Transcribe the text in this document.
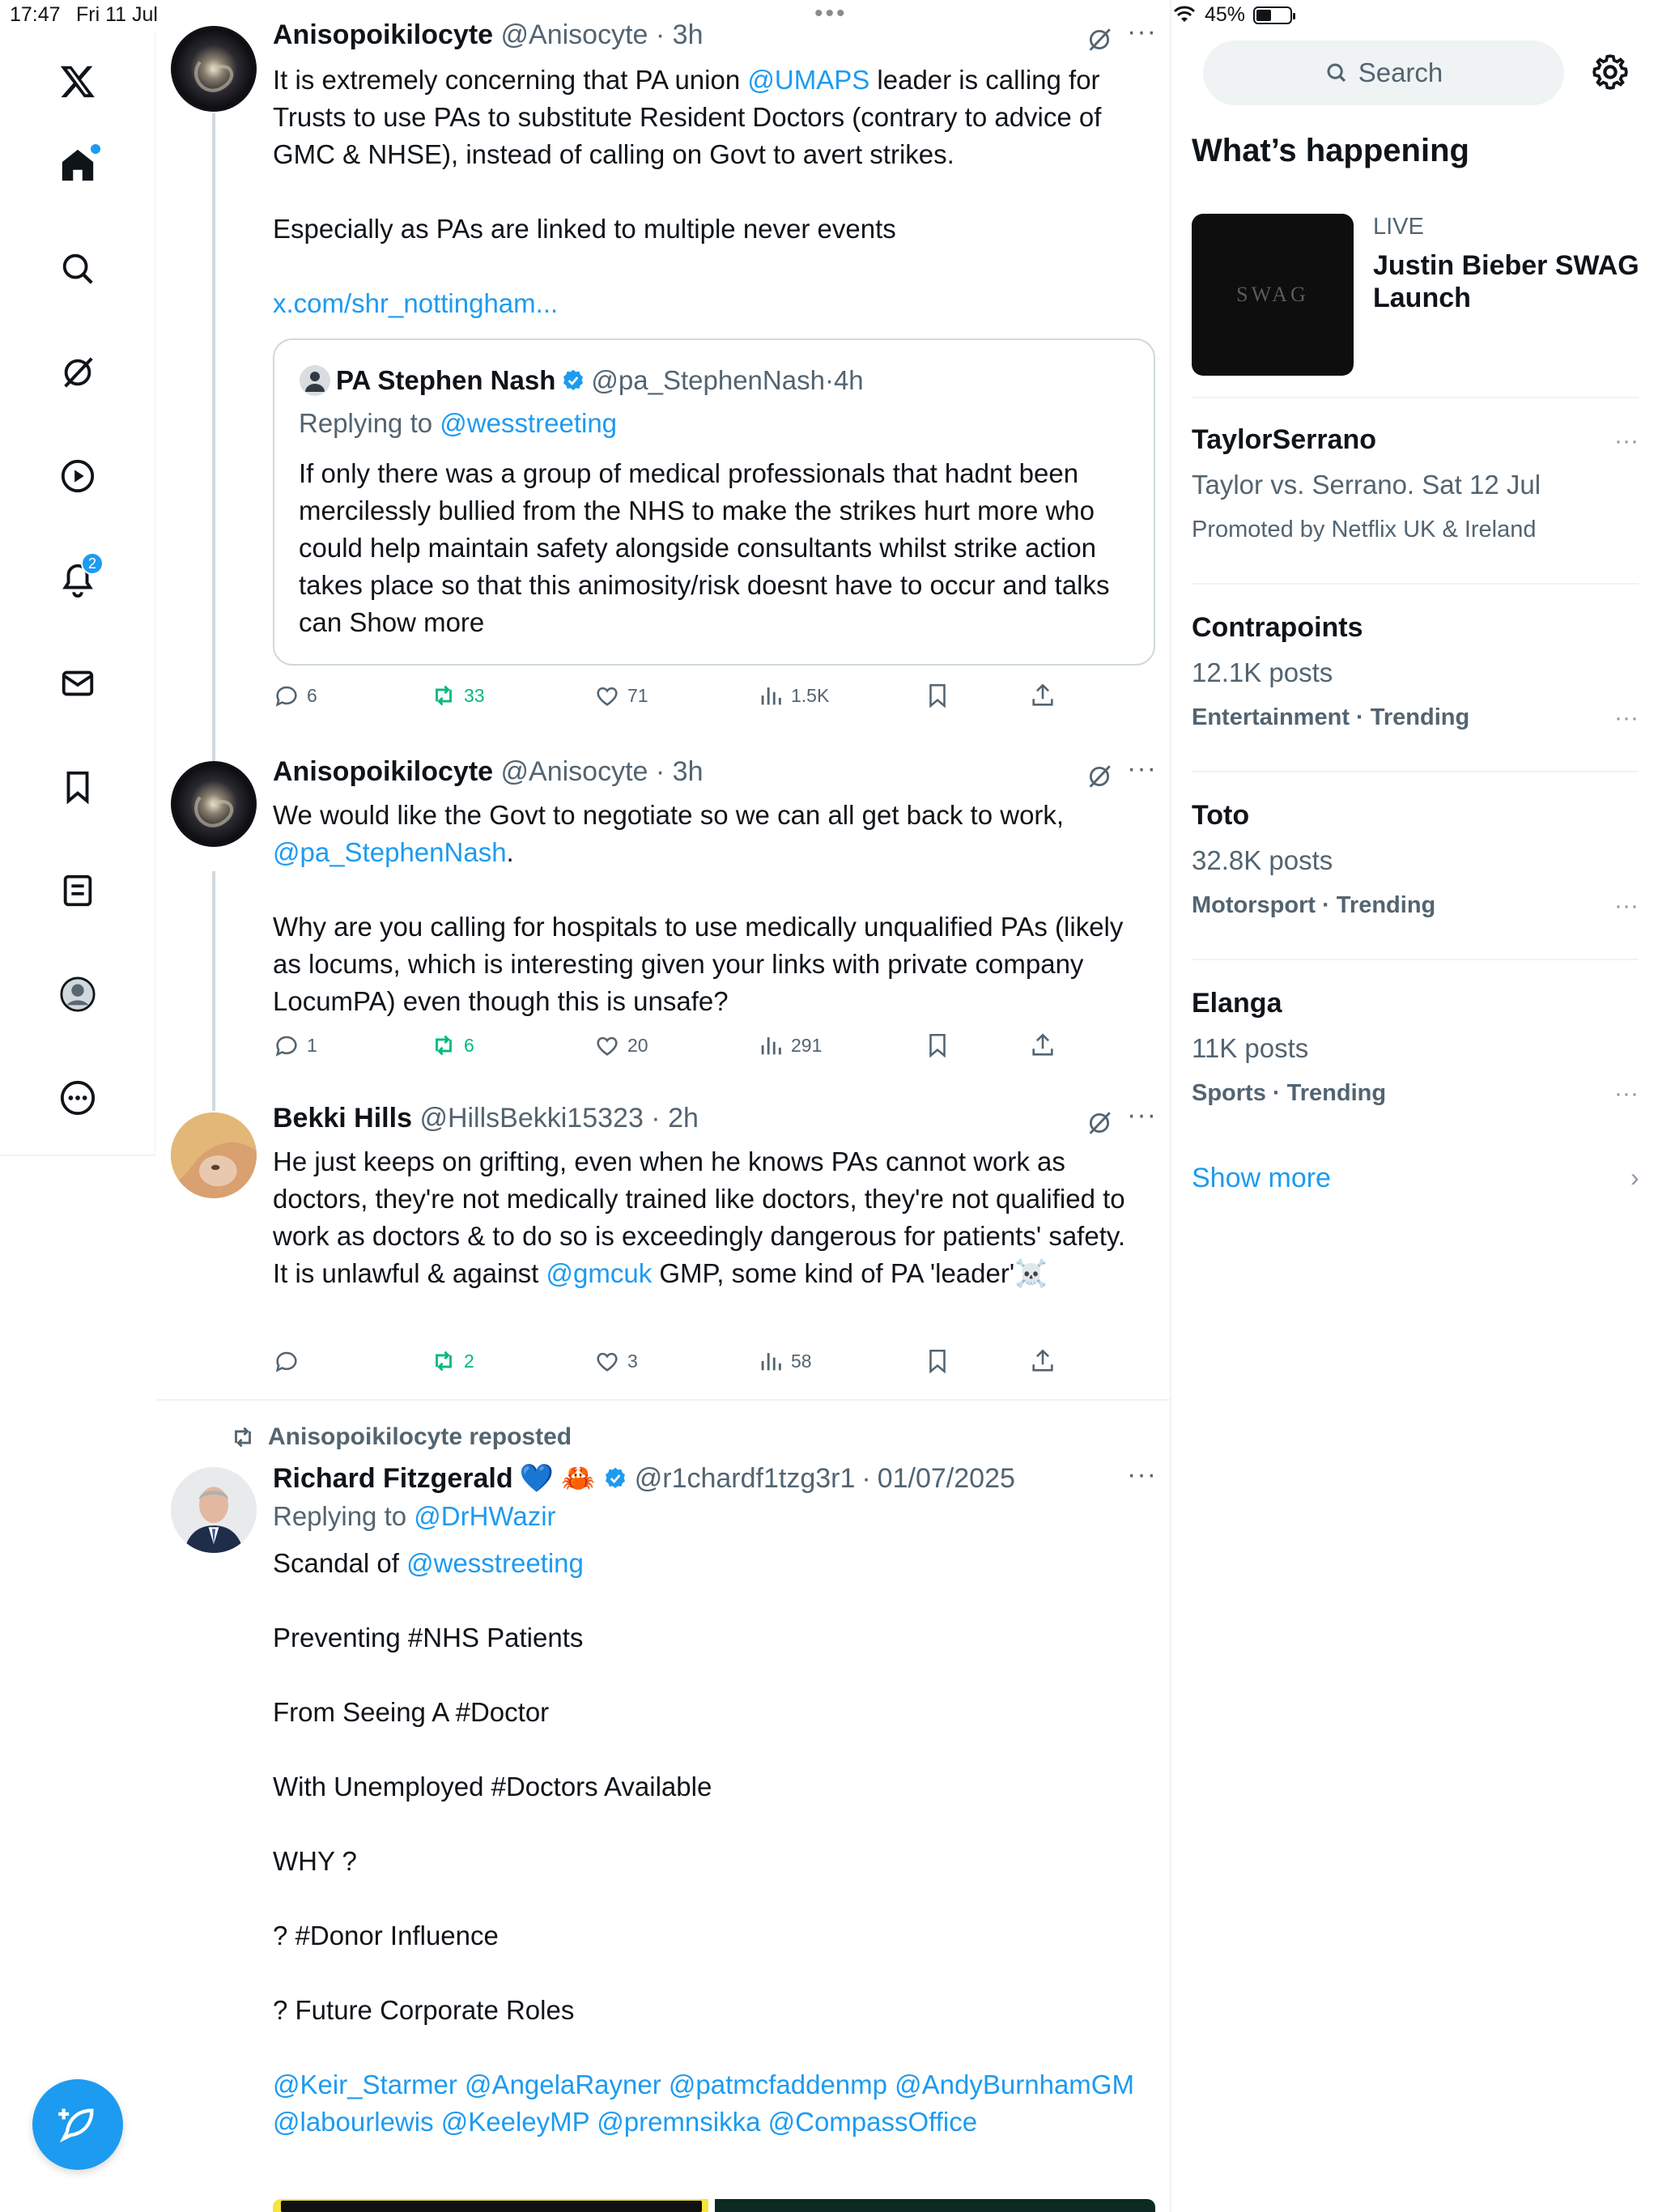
17:47 Fri 11 Jul	•••	45%
2
Anisopoikilocyte @Anisocyte · 3h	···
It is extremely concerning that PA union @UMAPS leader is calling for Trusts to use PAs to substitute Resident Doctors (contrary to advice of GMC & NHSE), instead of calling on Govt to avert strikes.

Especially as PAs are linked to multiple never events

x.com/shr_nottingham...
PA Stephen Nash @pa_StephenNash · 4h
Replying to @wesstreeting
If only there was a group of medical professionals that hadnt been mercilessly bullied from the NHS to make the strikes hurt more who could help maintain safety alongside consultants whilst strike action takes place so that this animosity/risk doesnt have to occur and talks can Show more
6	33	71	1.5K
Anisopoikilocyte @Anisocyte · 3h	···
We would like the Govt to negotiate so we can all get back to work, @pa_StephenNash.

Why are you calling for hospitals to use medically unqualified PAs (likely as locums, which is interesting given your links with private company LocumPA) even though this is unsafe?
1	6	20	291
Bekki Hills @HillsBekki15323 · 2h	···
He just keeps on grifting, even when he knows PAs cannot work as doctors, they're not medically trained like doctors, they're not qualified to work as doctors & to do so is exceedingly dangerous for patients' safety. It is unlawful & against @gmcuk GMP, some kind of PA 'leader'☠️
2	3	58
Anisopoikilocyte reposted
Richard Fitzgerald 💙 🦀 @r1chardf1tzg3r1 · 01/07/2025	···
Replying to @DrHWazir
Scandal of @wesstreeting

Preventing #NHS Patients

From Seeing A #Doctor

With Unemployed #Doctors Available

WHY ?

? #Donor Influence

? Future Corporate Roles

@Keir_Starmer @AngelaRayner @patmcfaddenmp @AndyBurnhamGM @labourlewis @KeeleyMP @premnsikka @CompassOffice
Search
What’s happening
SWAG
LIVE
Justin Bieber SWAG Launch
TaylorSerrano
Taylor vs. Serrano. Sat 12 Jul
Promoted by Netflix UK & Ireland
···
Contrapoints
12.1K posts
Entertainment · Trending	···
Toto
32.8K posts
Motorsport · Trending	···
Elanga
11K posts
Sports · Trending	···
Show more	›
